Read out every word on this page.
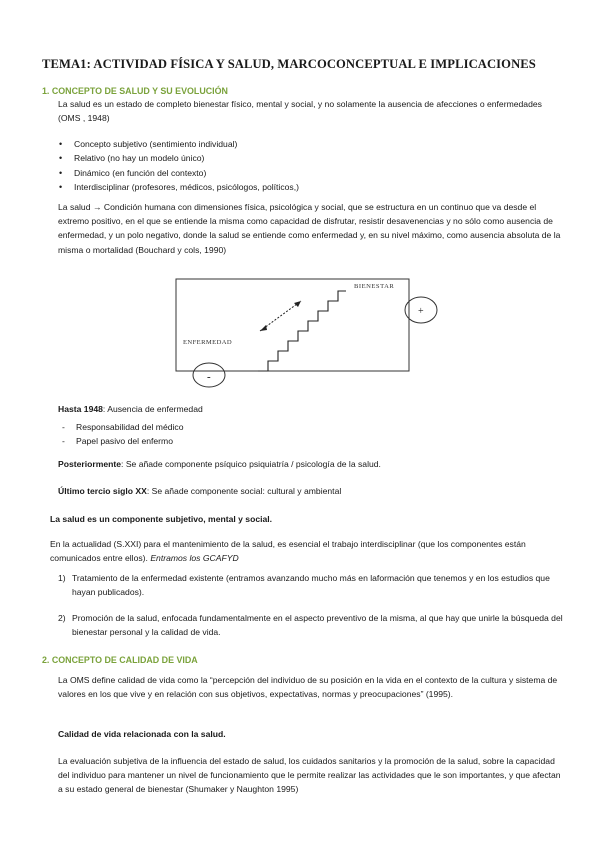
TEMA1: ACTIVIDAD FÍSICA Y SALUD, MARCOCONCEPTUAL E IMPLICACIONES
1. CONCEPTO DE SALUD Y SU EVOLUCIÓN
La salud es un estado de completo bienestar físico, mental y social, y no solamente la ausencia de afecciones o enfermedades (OMS , 1948)
• Concepto subjetivo (sentimiento individual)
• Relativo (no hay un modelo único)
• Dinámico (en función del contexto)
• Interdisciplinar (profesores, médicos, psicólogos, políticos,)
La salud → Condición humana con dimensiones física, psicológica y social, que se estructura en un continuo que va desde el extremo positivo, en el que se entiende la misma como capacidad de disfrutar, resistir desavenencias y no sólo como ausencia de enfermedad, y un polo negativo, donde la salud se entiende como enfermedad y, en su nivel máximo, como ausencia absoluta de la misma o mortalidad (Bouchard y cols, 1990)
BIENESTAR
ENFERMEDAD
+
-
Hasta 1948: Ausencia de enfermedad
- Responsabilidad del médico
- Papel pasivo del enfermo
Posteriormente: Se añade componente psíquico psiquiatría / psicología de la salud.
Último tercio siglo XX: Se añade componente social: cultural y ambiental
La salud es un componente subjetivo, mental y social.
En la actualidad (S.XXI) para el mantenimiento de la salud, es esencial el trabajo interdisciplinar (que los componentes están comunicados entre ellos). Entramos los GCAFYD
1) Tratamiento de la enfermedad existente (entramos avanzando mucho más en laformación que tenemos y en los estudios que hayan publicados).
2) Promoción de la salud, enfocada fundamentalmente en el aspecto preventivo de la misma, al que hay que unirle la búsqueda del bienestar personal y la calidad de vida.
2. CONCEPTO DE CALIDAD DE VIDA
La OMS define calidad de vida como la “percepción del individuo de su posición en la vida en el contexto de la cultura y sistema de valores en los que vive y en relación con sus objetivos, expectativas, normas y preocupaciones” (1995).
Calidad de vida relacionada con la salud.
La evaluación subjetiva de la influencia del estado de salud, los cuidados sanitarios y la promoción de la salud, sobre la capacidad del individuo para mantener un nivel de funcionamiento que le permite realizar las actividades que le son importantes, y que afectan a su estado general de bienestar (Shumaker y Naughton 1995)
